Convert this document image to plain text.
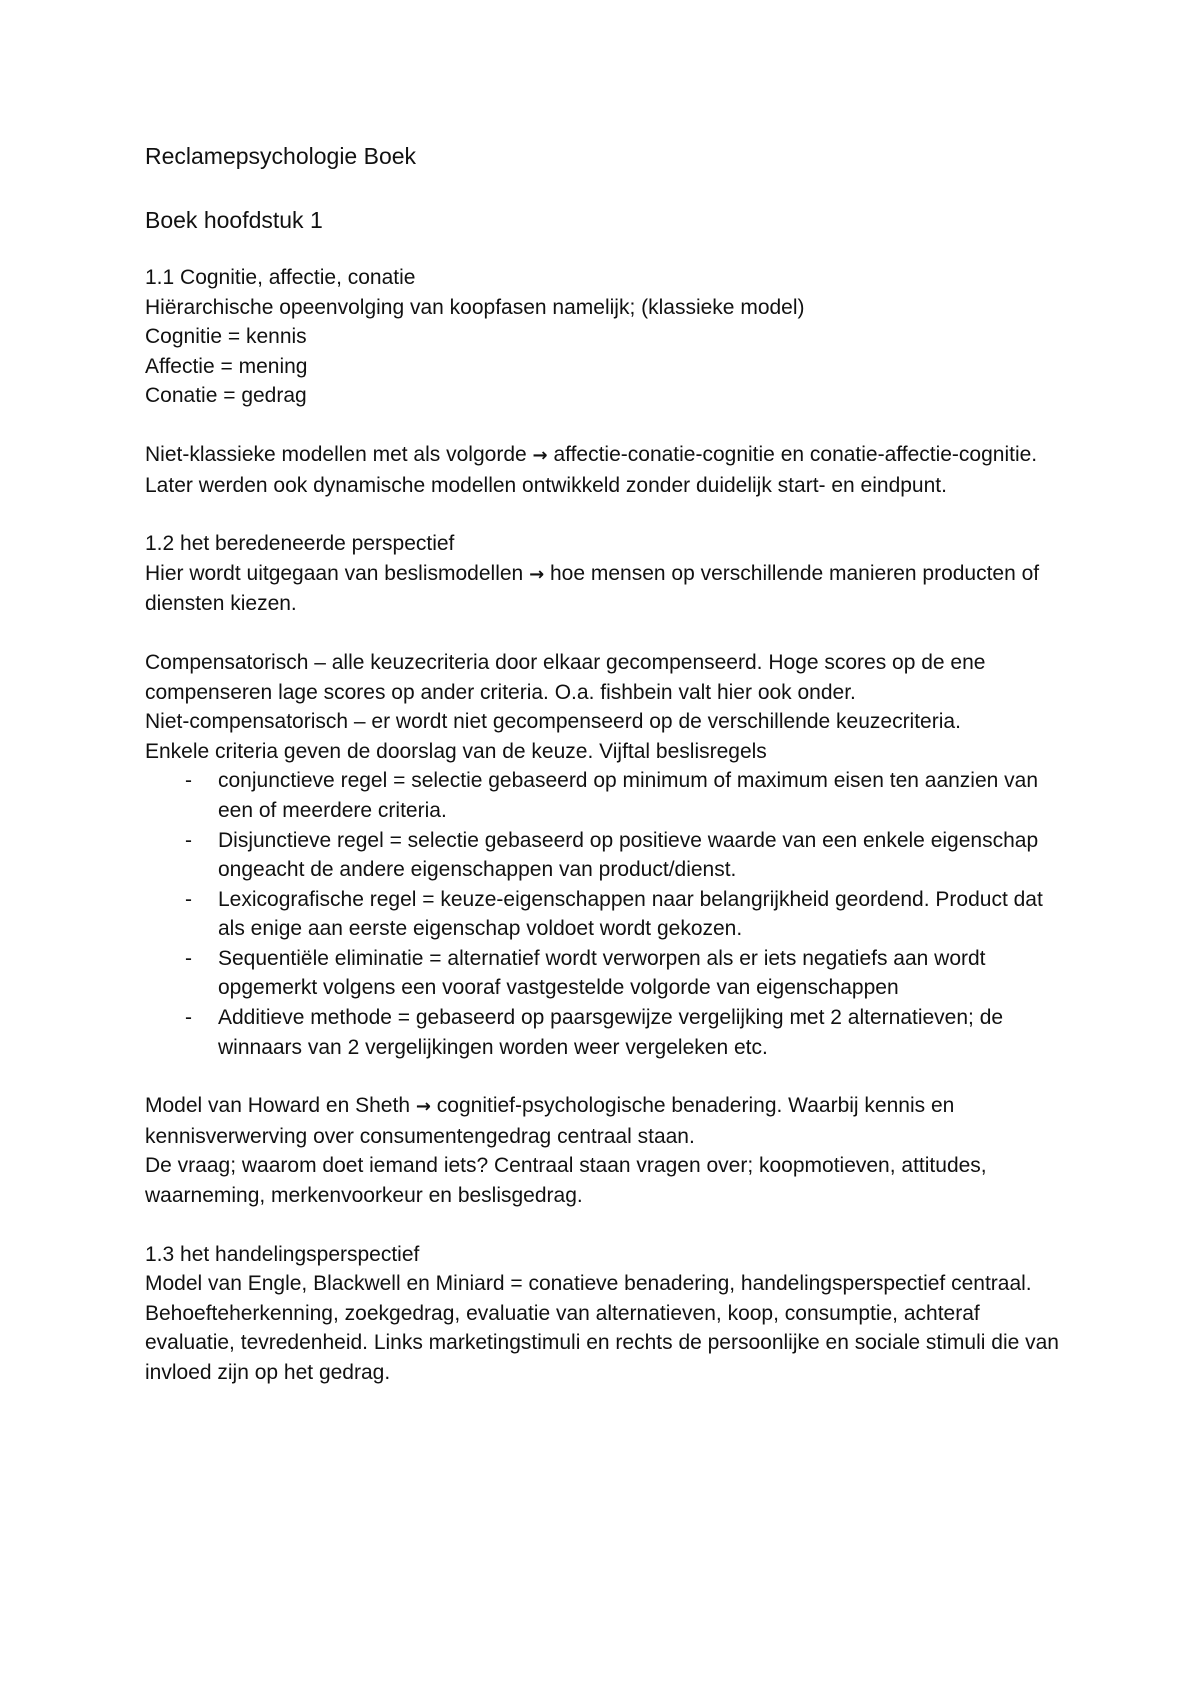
Reclamepsychologie Boek

Boek hoofdstuk 1

1.1 Cognitie, affectie, conatie

Hiërarchische opeenvolging van koopfasen namelijk; (klassieke model)

Cognitie = kennis

Affectie = mening

Conatie = gedrag

Niet-klassieke modellen met als volgorde → affectie-conatie-cognitie en conatie-affectie-cognitie.

Later werden ook dynamische modellen ontwikkeld zonder duidelijk start- en eindpunt.

1.2 het beredeneerde perspectief

Hier wordt uitgegaan van beslismodellen → hoe mensen op verschillende manieren producten of diensten kiezen.

Compensatorisch – alle keuzecriteria door elkaar gecompenseerd. Hoge scores op de ene compenseren lage scores op ander criteria. O.a. fishbein valt hier ook onder.

Niet-compensatorisch – er wordt niet gecompenseerd op de verschillende keuzecriteria.

Enkele criteria geven de doorslag van de keuze. Vijftal beslisregels

- conjunctieve regel = selectie gebaseerd op minimum of maximum eisen ten aanzien van een of meerdere criteria.
- Disjunctieve regel = selectie gebaseerd op positieve waarde van een enkele eigenschap ongeacht de andere eigenschappen van product/dienst.
- Lexicografische regel = keuze-eigenschappen naar belangrijkheid geordend. Product dat als enige aan eerste eigenschap voldoet wordt gekozen.
- Sequentiële eliminatie = alternatief wordt verworpen als er iets negatiefs aan wordt opgemerkt volgens een vooraf vastgestelde volgorde van eigenschappen
- Additieve methode = gebaseerd op paarsgewijze vergelijking met 2 alternatieven; de winnaars van 2 vergelijkingen worden weer vergeleken etc.

Model van Howard en Sheth → cognitief-psychologische benadering. Waarbij kennis en kennisverwerving over consumentengedrag centraal staan.

De vraag; waarom doet iemand iets? Centraal staan vragen over; koopmotieven, attitudes, waarneming, merkenvoorkeur en beslisgedrag.

1.3 het handelingsperspectief

Model van Engle, Blackwell en Miniard = conatieve benadering, handelingsperspectief centraal. Behoefteherkenning, zoekgedrag, evaluatie van alternatieven, koop, consumptie, achteraf evaluatie, tevredenheid. Links marketingstimuli en rechts de persoonlijke en sociale stimuli die van invloed zijn op het gedrag.
